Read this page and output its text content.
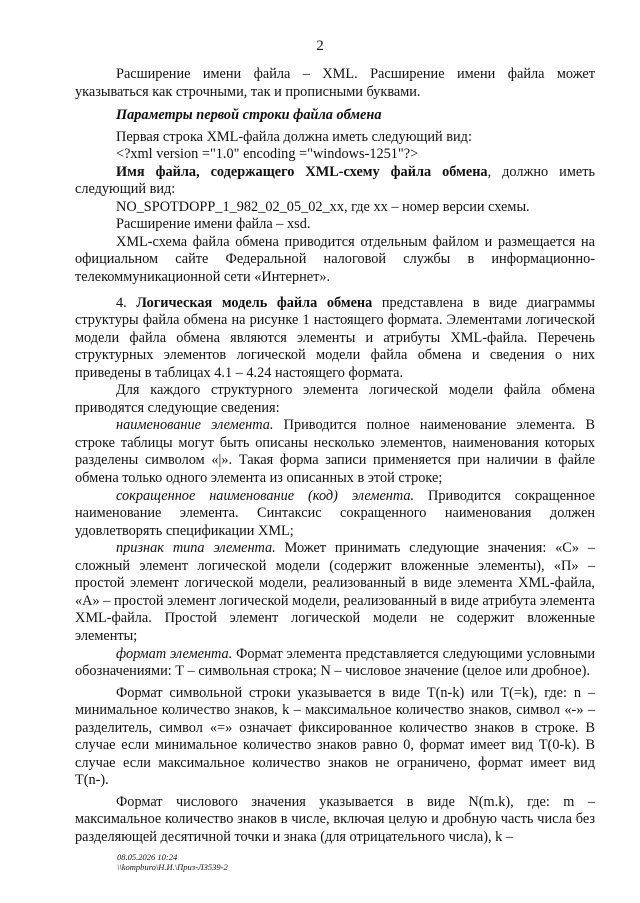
2

Расширение имени файла – XML. Расширение имени файла может указываться как строчными, так и прописными буквами.

Параметры первой строки файла обмена

Первая строка XML-файла должна иметь следующий вид:

<?xml version ="1.0" encoding ="windows-1251"?>

Имя файла, содержащего XML-схему файла обмена, должно иметь следующий вид:

NO_SPOTDOPP_1_982_02_05_02_xx, где xx – номер версии схемы.

Расширение имени файла – xsd.

XML-схема файла обмена приводится отдельным файлом и размещается на официальном сайте Федеральной налоговой службы в информационно-телекоммуникационной сети «Интернет».

4. Логическая модель файла обмена представлена в виде диаграммы структуры файла обмена на рисунке 1 настоящего формата. Элементами логической модели файла обмена являются элементы и атрибуты XML-файла. Перечень структурных элементов логической модели файла обмена и сведения о них приведены в таблицах 4.1 – 4.24 настоящего формата.

Для каждого структурного элемента логической модели файла обмена приводятся следующие сведения:

наименование элемента. Приводится полное наименование элемента. В строке таблицы могут быть описаны несколько элементов, наименования которых разделены символом «|». Такая форма записи применяется при наличии в файле обмена только одного элемента из описанных в этой строке;

сокращенное наименование (код) элемента. Приводится сокращенное наименование элемента. Синтаксис сокращенного наименования должен удовлетворять спецификации XML;

признак типа элемента. Может принимать следующие значения: «С» – сложный элемент логической модели (содержит вложенные элементы), «П» – простой элемент логической модели, реализованный в виде элемента XML-файла, «А» – простой элемент логической модели, реализованный в виде атрибута элемента XML-файла. Простой элемент логической модели не содержит вложенные элементы;

формат элемента. Формат элемента представляется следующими условными обозначениями: Т – символьная строка; N – числовое значение (целое или дробное).

Формат символьной строки указывается в виде T(n-k) или T(=k), где: n – минимальное количество знаков, k – максимальное количество знаков, символ «-» – разделитель, символ «=» означает фиксированное количество знаков в строке. В случае если минимальное количество знаков равно 0, формат имеет вид T(0-k). В случае если максимальное количество знаков не ограничено, формат имеет вид T(n-).

Формат числового значения указывается в виде N(m.k), где: m – максимальное количество знаков в числе, включая целую и дробную часть числа без разделяющей десятичной точки и знака (для отрицательного числа), k –

08.05.2026 10:24
\\kompburo\Н.И.\Приз-Л3539-2
